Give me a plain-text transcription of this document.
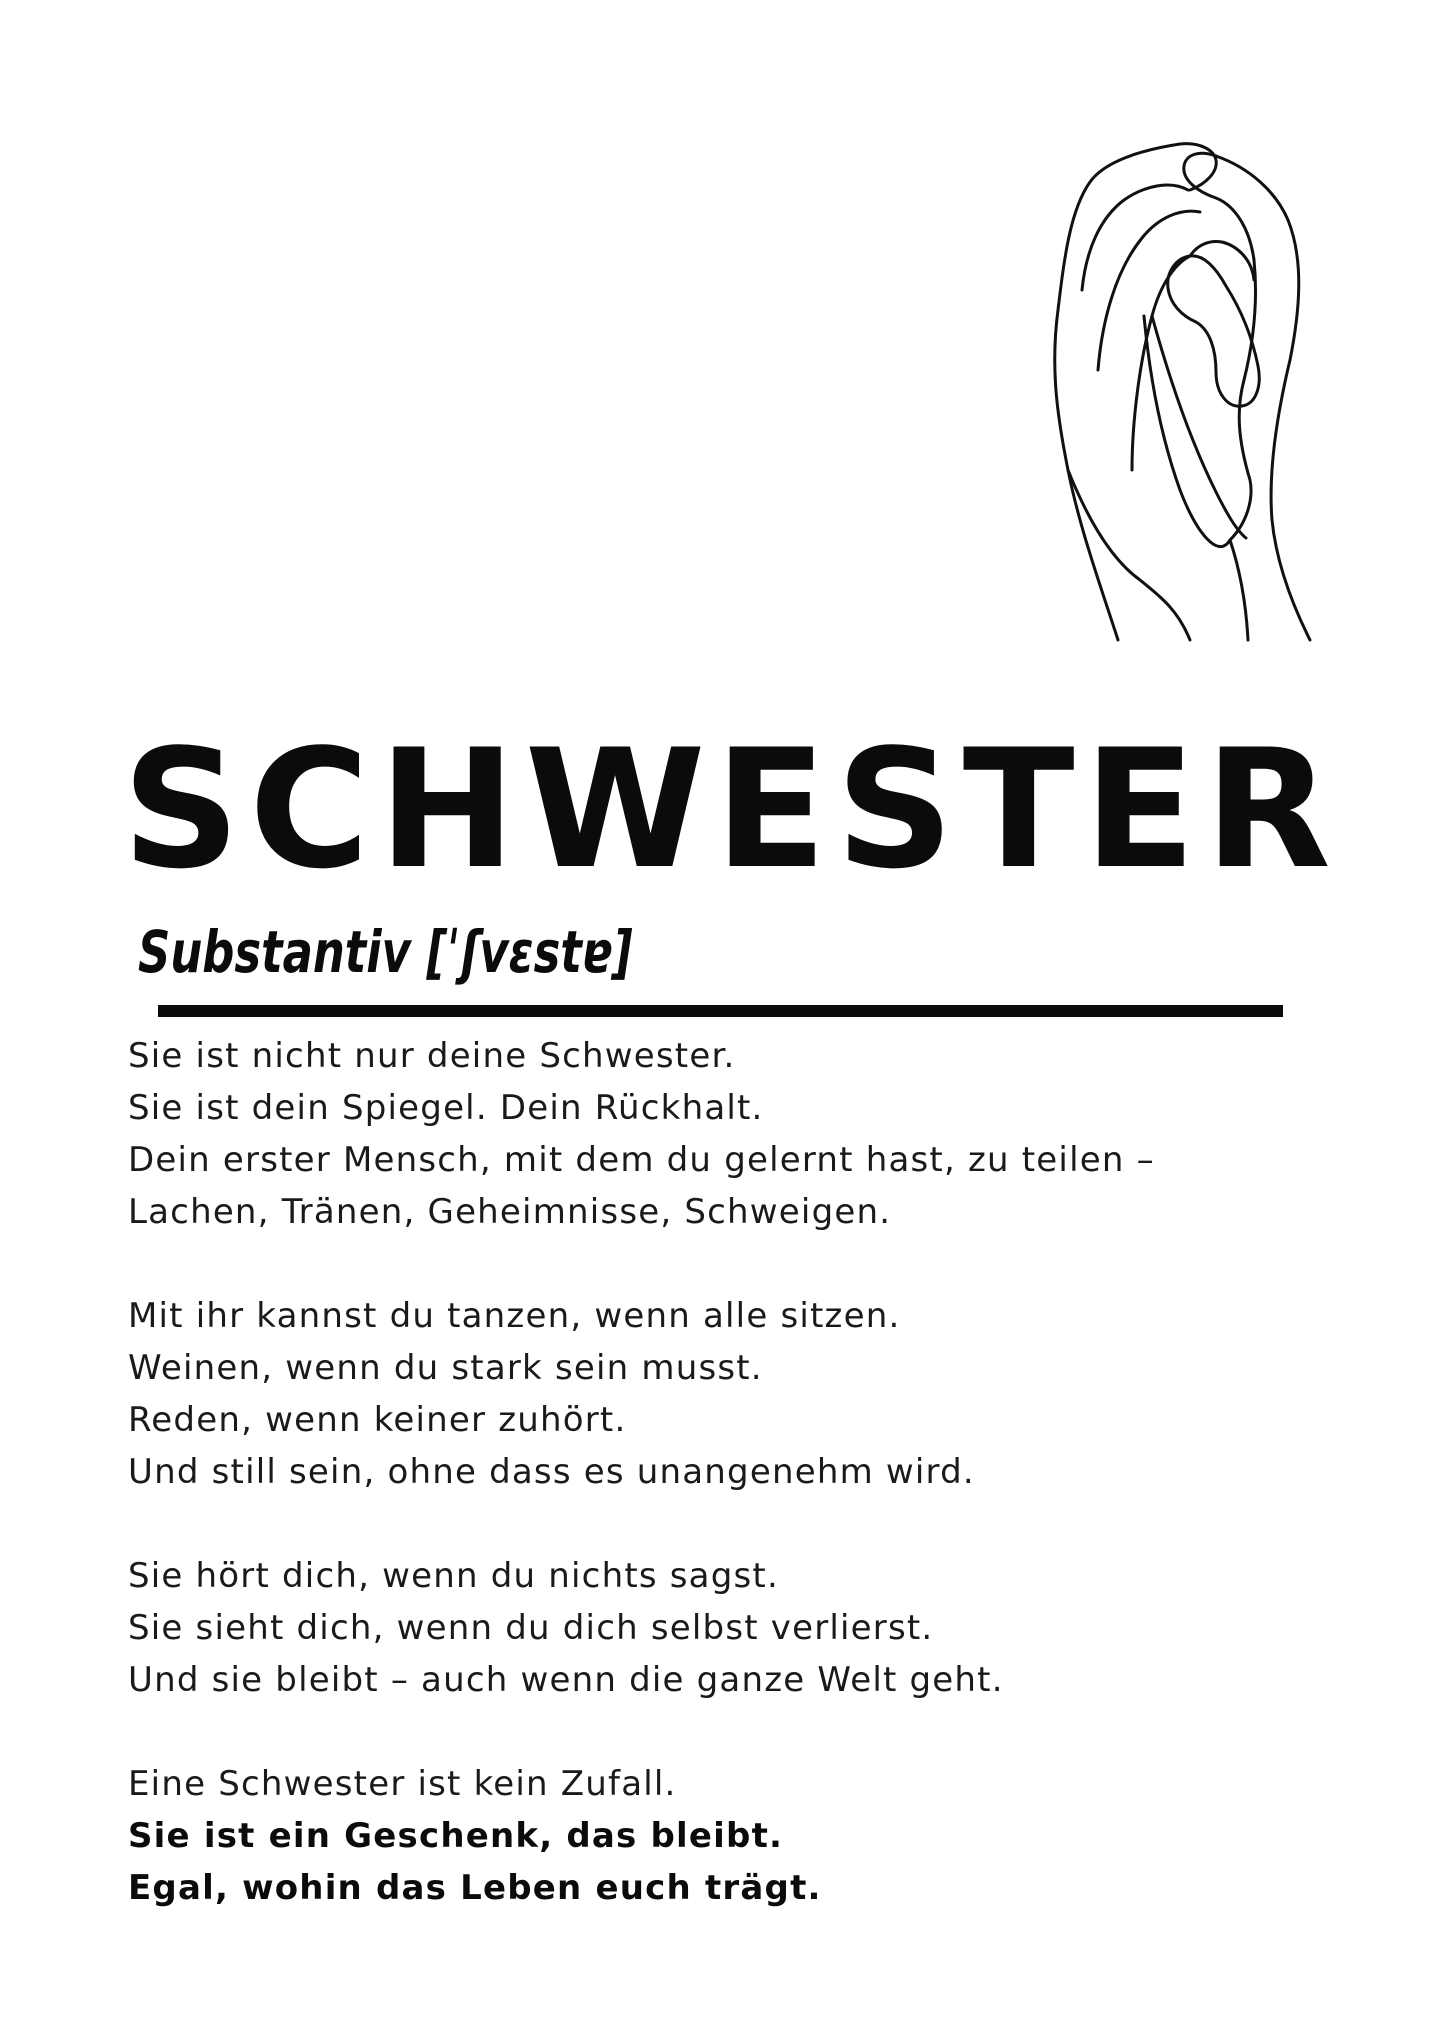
SCHWESTER

Substantiv [ˈʃvɛstɐ]

Sie ist nicht nur deine Schwester.
Sie ist dein Spiegel. Dein Rückhalt.
Dein erster Mensch, mit dem du gelernt hast, zu teilen –
Lachen, Tränen, Geheimnisse, Schweigen.

Mit ihr kannst du tanzen, wenn alle sitzen.
Weinen, wenn du stark sein musst.
Reden, wenn keiner zuhört.
Und still sein, ohne dass es unangenehm wird.

Sie hört dich, wenn du nichts sagst.
Sie sieht dich, wenn du dich selbst verlierst.
Und sie bleibt – auch wenn die ganze Welt geht.

Eine Schwester ist kein Zufall.
Sie ist ein Geschenk, das bleibt.
Egal, wohin das Leben euch trägt.
